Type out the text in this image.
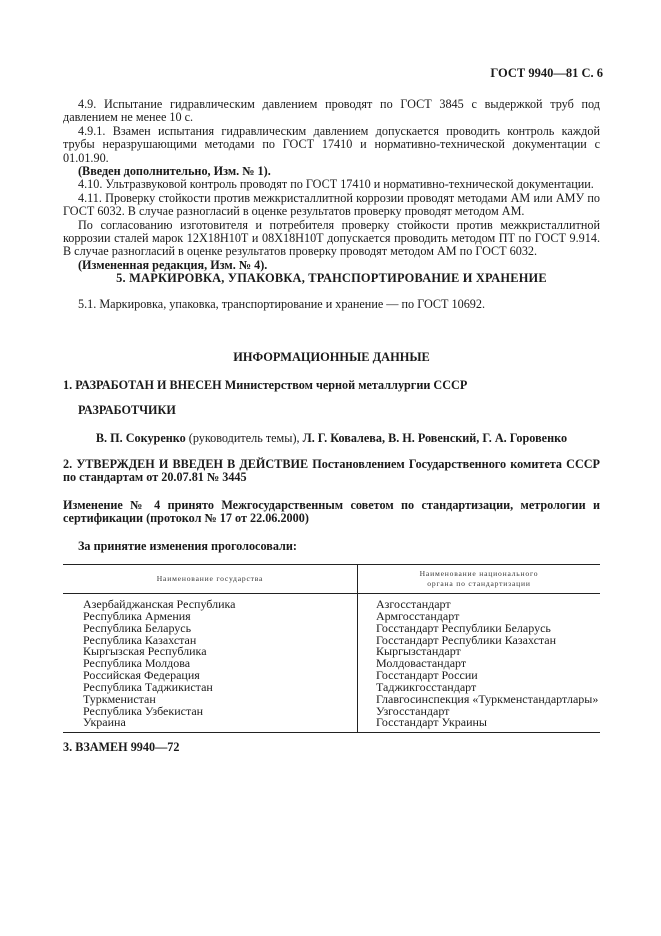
ГОСТ 9940—81 С. 6

4.9. Испытание гидравлическим давлением проводят по ГОСТ 3845 с выдержкой труб под давлением не менее 10 с.

4.9.1. Взамен испытания гидравлическим давлением допускается проводить контроль каждой трубы неразрушающими методами по ГОСТ 17410 и нормативно-технической документации с 01.01.90.

(Введен дополнительно, Изм. № 1).

4.10. Ультразвуковой контроль проводят по ГОСТ 17410 и нормативно-технической документации.

4.11. Проверку стойкости против межкристаллитной коррозии проводят методами АМ или АМУ по ГОСТ 6032. В случае разногласий в оценке результатов проверку проводят методом АМ.

По согласованию изготовителя и потребителя проверку стойкости против межкристаллитной коррозии сталей марок 12Х18Н10Т и 08Х18Н10Т допускается проводить методом ПТ по ГОСТ 9.914. В случае разногласий в оценке результатов проверку проводят методом АМ по ГОСТ 6032.

(Измененная редакция, Изм. № 4).

5. МАРКИРОВКА, УПАКОВКА, ТРАНСПОРТИРОВАНИЕ И ХРАНЕНИЕ

5.1. Маркировка, упаковка, транспортирование и хранение — по ГОСТ 10692.

ИНФОРМАЦИОННЫЕ ДАННЫЕ
1. РАЗРАБОТАН И ВНЕСЕН Министерством черной металлургии СССР
РАЗРАБОТЧИКИ
В. П. Сокуренко (руководитель темы), Л. Г. Ковалева, В. Н. Ровенский, Г. А. Горовенко

2. УТВЕРЖДЕН И ВВЕДЕН В ДЕЙСТВИЕ Постановлением Государственного комитета СССР по стандартам от 20.07.81 № 3445

Изменение № 4 принято Межгосударственным советом по стандартизации, метрологии и сертификации (протокол № 17 от 22.06.2000)

За принятие изменения проголосовали:
Наименование государства	Наименование национального
органа по стандартизации

Азербайджанская Республика	Азгосстандарт
Республика Армения	Армгосстандарт
Республика Беларусь	Госстандарт Республики Беларусь
Республика Казахстан	Госстандарт Республики Казахстан
Кыргызская Республика	Кыргызстандарт
Республика Молдова	Молдовастандарт
Российская Федерация	Госстандарт России
Республика Таджикистан	Таджикгосстандарт
Туркменистан	Главгосинспекция «Туркменстандартлары»
Республика Узбекистан	Узгосстандарт
Украина	Госстандарт Украины
3. ВЗАМЕН 9940—72
